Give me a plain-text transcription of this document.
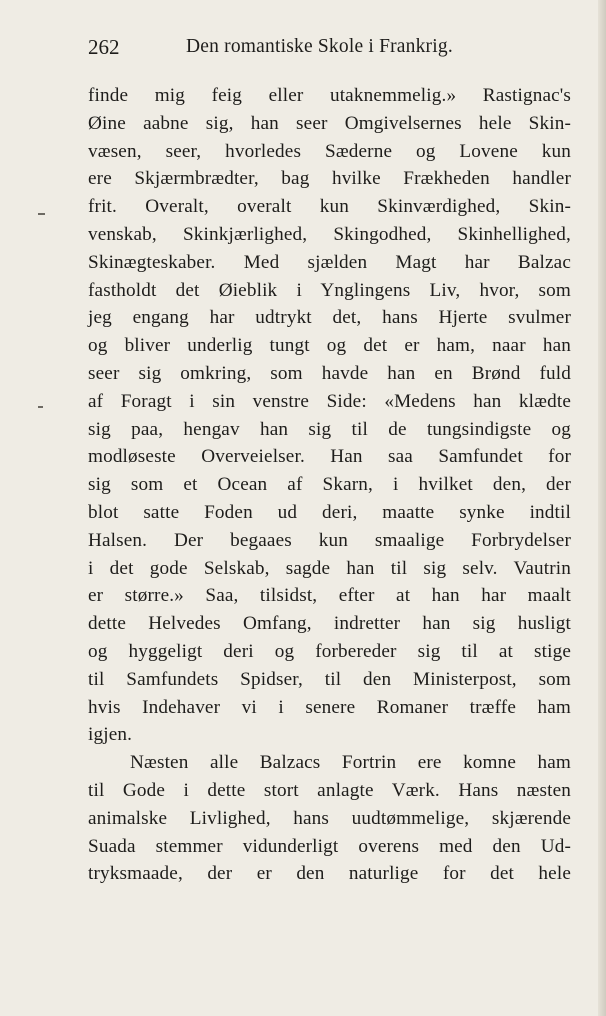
262	Den romantiske Skole i Frankrig.
finde mig feig eller utaknemmelig.» Rastignac's
Øine aabne sig, han seer Omgivelsernes hele Skin-
væsen, seer, hvorledes Sæderne og Lovene kun
ere Skjærmbrædter, bag hvilke Frækheden handler
frit. Overalt, overalt kun Skinværdighed, Skin-
venskab, Skinkjærlighed, Skingodhed, Skinhellighed,
Skinægteskaber. Med sjælden Magt har Balzac
fastholdt det Øieblik i Ynglingens Liv, hvor, som
jeg engang har udtrykt det, hans Hjerte svulmer
og bliver underlig tungt og det er ham, naar han
seer sig omkring, som havde han en Brønd fuld
af Foragt i sin venstre Side: «Medens han klædte
sig paa, hengav han sig til de tungsindigste og
modløseste Overveielser. Han saa Samfundet for
sig som et Ocean af Skarn, i hvilket den, der
blot satte Foden ud deri, maatte synke indtil
Halsen. Der begaaes kun smaalige Forbrydelser
i det gode Selskab, sagde han til sig selv. Vautrin
er større.» Saa, tilsidst, efter at han har maalt
dette Helvedes Omfang, indretter han sig husligt
og hyggeligt deri og forbereder sig til at stige
til Samfundets Spidser, til den Ministerpost, som
hvis Indehaver vi i senere Romaner træffe ham
igjen.
Næsten alle Balzacs Fortrin ere komne ham
til Gode i dette stort anlagte Værk. Hans næsten
animalske Livlighed, hans uudtømmelige, skjærende
Suada stemmer vidunderligt overens med den Ud-
tryksmaade, der er den naturlige for det hele
